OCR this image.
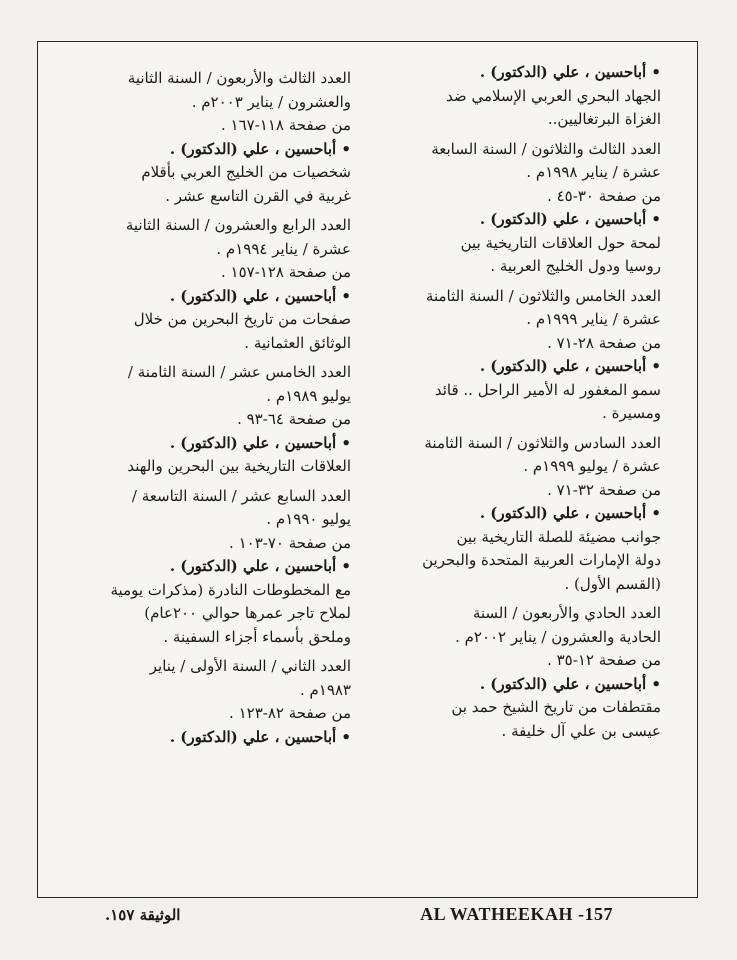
• أباحسين ، علي (الدكتور) .
الجهاد البحري العربي الإسلامي ضد
الغزاة البرتغاليين..
العدد الثالث والثلاثون / السنة السابعة
عشرة / يناير ١٩٩٨م .
من صفحة ٣٠-٤٥ .
• أباحسين ، علي (الدكتور) .
لمحة حول العلاقات التاريخية بين
روسيا ودول الخليج العربية .
العدد الخامس والثلاثون / السنة الثامنة
عشرة / يناير ١٩٩٩م .
من صفحة ٢٨-٧١ .
• أباحسين ، علي (الدكتور) .
سمو المغفور له الأمير الراحل .. قائد
ومسيرة .
العدد السادس والثلاثون / السنة الثامنة
عشرة / يوليو ١٩٩٩م .
من صفحة ٣٢-٧١ .
• أباحسين ، علي (الدكتور) .
جوانب مضيئة للصلة التاريخية بين
دولة الإمارات العربية المتحدة والبحرين
(القسم الأول) .
العدد الحادي والأربعون / السنة
الحادية والعشرون / يناير ٢٠٠٢م .
من صفحة ١٢-٣٥ .
• أباحسين ، علي (الدكتور) .
مقتطفات من تاريخ الشيخ حمد بن
عيسى بن علي آل خليفة .
العدد الثالث والأربعون / السنة الثانية
والعشرون / يناير ٢٠٠٣م .
من صفحة ١١٨-١٦٧ .
• أباحسين ، علي (الدكتور) .
شخصيات من الخليج العربي بأقلام
غربية في القرن التاسع عشر .
العدد الرابع والعشرون / السنة الثانية
عشرة / يناير ١٩٩٤م .
من صفحة ١٢٨-١٥٧ .
• أباحسين ، علي (الدكتور) .
صفحات من تاريخ البحرين من خلال
الوثائق العثمانية .
العدد الخامس عشر / السنة الثامنة /
يوليو ١٩٨٩م .
من صفحة ٦٤-٩٣ .
• أباحسين ، علي (الدكتور) .
العلاقات التاريخية بين البحرين والهند
العدد السابع عشر / السنة التاسعة /
يوليو ١٩٩٠م .
من صفحة ٧٠-١٠٣ .
• أباحسين ، علي (الدكتور) .
مع المخطوطات النادرة (مذكرات يومية
لملاح تاجر عمرها حوالي ٢٠٠عام)
وملحق بأسماء أجزاء السفينة .
العدد الثاني / السنة الأولى / يناير
١٩٨٣م .
من صفحة ٨٢-١٢٣ .
• أباحسين ، علي (الدكتور) .
الوثيقة ١٥٧.	AL WATHEEKAH -157
